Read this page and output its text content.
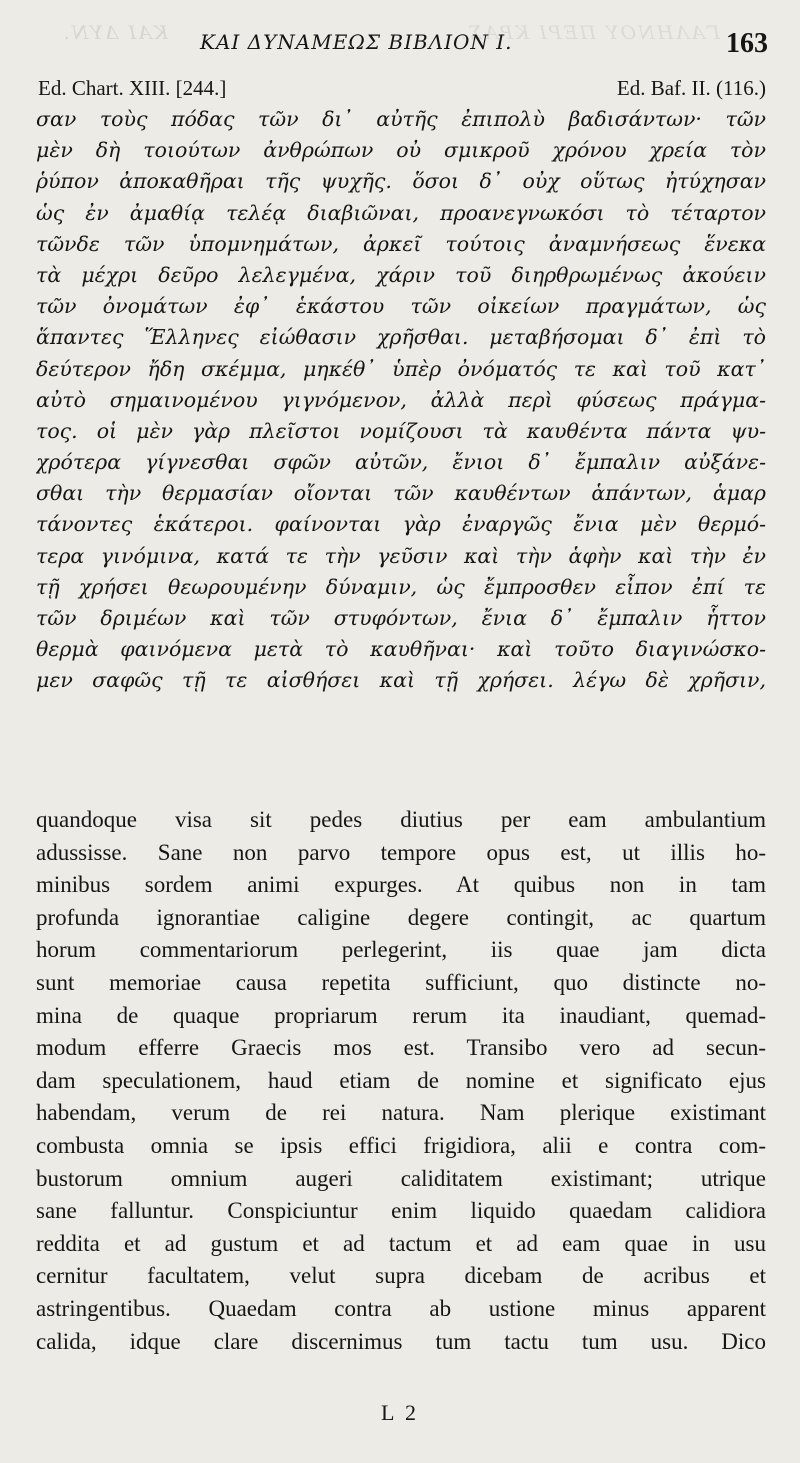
ΚΑΙ ΔΥΝ.	ΓΑΛΗΝΟΥ ΠΕΡΙ ΚΡΑΣ.
ΚΑΙ ΔΥΝΑΜΕΩΣ ΒΙΒΛΙΟΝ Ι.	163
Ed. Chart. XIII. [244.]	Ed. Baf. II. (116.)
σαν τοὺς πόδας τῶν δι᾿ αὐτῆς ἐπιπολὺ βαδισάντων· τῶν
μὲν δὴ τοιούτων ἀνθρώπων οὐ σμικροῦ χρόνου χρεία τὸν
ῥύπον ἀποκαθῆραι τῆς ψυχῆς. ὅσοι δ᾿ οὐχ οὕτως ἠτύχησαν
ὡς ἐν ἀμαθίᾳ τελέᾳ διαβιῶναι, προανεγνωκόσι τὸ τέταρτον
τῶνδε τῶν ὑπομνημάτων, ἀρκεῖ τούτοις ἀναμνήσεως ἕνεκα
τὰ μέχρι δεῦρο λελεγμένα, χάριν τοῦ διηρθρωμένως ἀκούειν
τῶν ὀνομάτων ἐφ᾿ ἑκάστου τῶν οἰκείων πραγμάτων, ὡς
ἅπαντες Ἕλληνες εἰώθασιν χρῆσθαι. μεταβήσομαι δ᾿ ἐπὶ τὸ
δεύτερον ἤδη σκέμμα, μηκέθ᾿ ὑπὲρ ὀνόματός τε καὶ τοῦ κατ᾿
αὐτὸ σημαινομένου γιγνόμενον, ἀλλὰ περὶ φύσεως πράγμα-
τος. οἱ μὲν γὰρ πλεῖστοι νομίζουσι τὰ καυθέντα πάντα ψυ-
χρότερα γίγνεσθαι σφῶν αὐτῶν, ἔνιοι δ᾿ ἔμπαλιν αὐξάνε-
σθαι τὴν θερμασίαν οἴονται τῶν καυθέντων ἁπάντων, ἁμαρ
τάνοντες ἑκάτεροι. φαίνονται γὰρ ἐναργῶς ἔνια μὲν θερμό-
τερα γινόμινα, κατά τε τὴν γεῦσιν καὶ τὴν ἁφὴν καὶ τὴν ἐν
τῇ χρήσει θεωρουμένην δύναμιν, ὡς ἔμπροσθεν εἶπον ἐπί τε
τῶν δριμέων καὶ τῶν στυφόντων, ἔνια δ᾿ ἔμπαλιν ἧττον
θερμὰ φαινόμενα μετὰ τὸ καυθῆναι· καὶ τοῦτο διαγινώσκο-
μεν σαφῶς τῇ τε αἰσθήσει καὶ τῇ χρήσει. λέγω δὲ χρῆσιν,
quandoque visa sit pedes diutius per eam ambulantium
adussisse. Sane non parvo tempore opus est, ut illis ho-
minibus sordem animi expurges. At quibus non in tam
profunda ignorantiae caligine degere contingit, ac quartum
horum commentariorum perlegerint, iis quae jam dicta
sunt memoriae causa repetita sufficiunt, quo distincte no-
mina de quaque propriarum rerum ita inaudiant, quemad-
modum efferre Graecis mos est. Transibo vero ad secun-
dam speculationem, haud etiam de nomine et significato ejus
habendam, verum de rei natura. Nam plerique existimant
combusta omnia se ipsis effici frigidiora, alii e contra com-
bustorum omnium augeri caliditatem existimant; utrique
sane falluntur. Conspiciuntur enim liquido quaedam calidiora
reddita et ad gustum et ad tactum et ad eam quae in usu
cernitur facultatem, velut supra dicebam de acribus et
astringentibus. Quaedam contra ab ustione minus apparent
calida, idque clare discernimus tum tactu tum usu. Dico
L 2
